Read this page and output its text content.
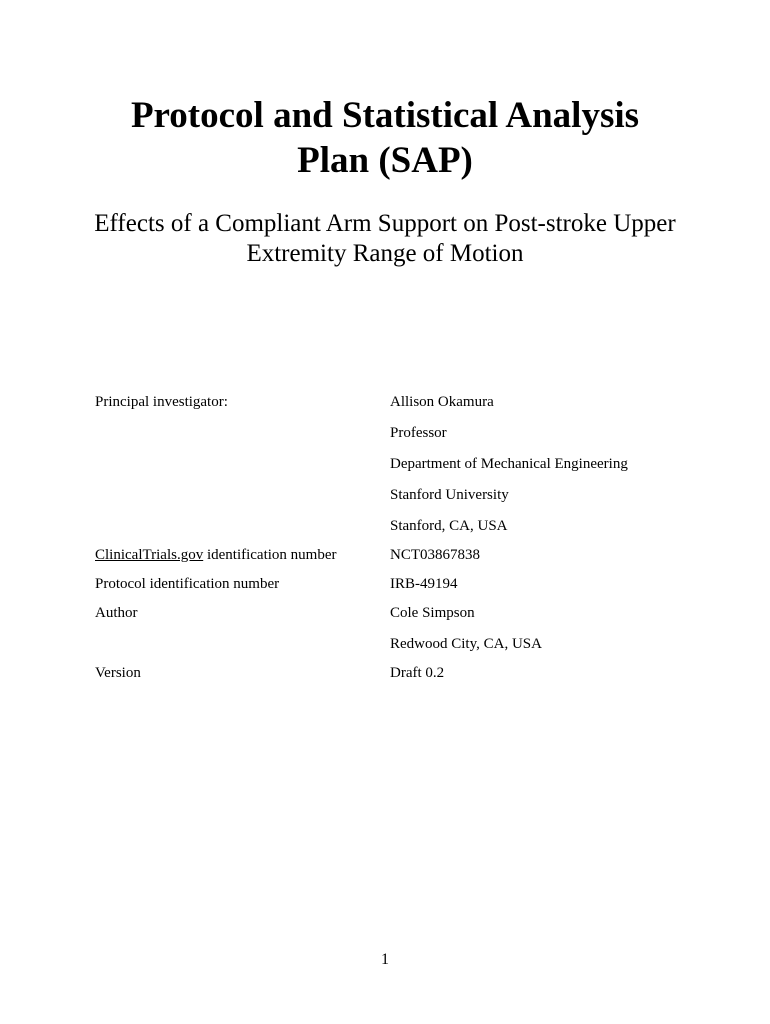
Protocol and Statistical Analysis
Plan (SAP)
Effects of a Compliant Arm Support on Post-stroke Upper
Extremity Range of Motion
Principal investigator:	Allison Okamura
Professor
Department of Mechanical Engineering
Stanford University
Stanford, CA, USA
ClinicalTrials.gov identification number	NCT03867838
Protocol identification number	IRB-49194
Author	Cole Simpson
Redwood City, CA, USA
Version	Draft 0.2
1
